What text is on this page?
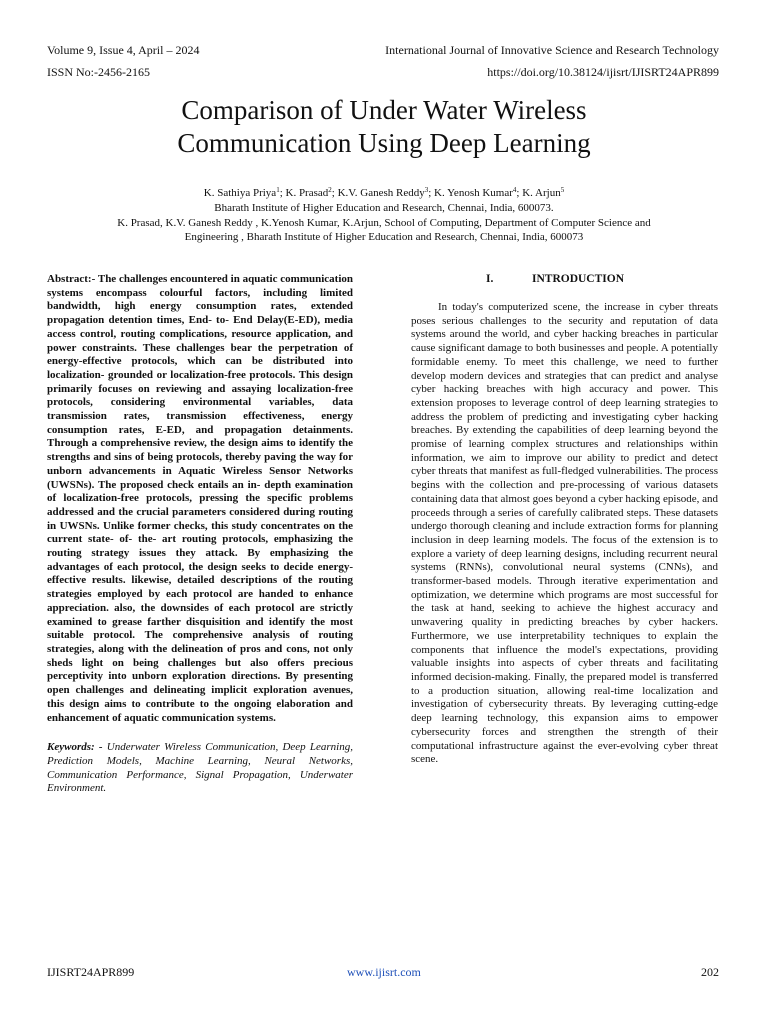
Volume 9, Issue 4, April – 2024	International Journal of Innovative Science and Research Technology
ISSN No:-2456-2165	https://doi.org/10.38124/ijisrt/IJISRT24APR899
Comparison of Under Water Wireless
Communication Using Deep Learning
K. Sathiya Priya$^1$; K. Prasad$^2$; K.V. Ganesh Reddy$^3$; K. Yenosh Kumar$^4$; K. Arjun$^5$
Bharath Institute of Higher Education and Research, Chennai, India, 600073.
K. Prasad, K.V. Ganesh Reddy , K.Yenosh Kumar, K.Arjun, School of Computing, Department of Computer Science and
Engineering , Bharath Institute of Higher Education and Research, Chennai, India, 600073

Abstract:- The challenges encountered in aquatic communication systems encompass colourful factors, including limited bandwidth, high energy consumption rates, extended propagation detention times, End- to- End Delay(E-ED), media access control, routing complications, resource application, and power constraints. These challenges bear the perpetration of energy-effective protocols, which can be distributed into localization- grounded or localization-free protocols. This design primarily focuses on reviewing and assaying localization-free protocols, considering environmental variables, data transmission rates, transmission effectiveness, energy consumption rates, E-ED, and propagation detainments. Through a comprehensive review, the design aims to identify the strengths and sins of being protocols, thereby paving the way for unborn advancements in Aquatic Wireless Sensor Networks (UWSNs). The proposed check entails an in- depth examination of localization-free protocols, pressing the specific problems addressed and the crucial parameters considered during routing in UWSNs. Unlike former checks, this study concentrates on the current state- of- the- art routing protocols, emphasizing the routing strategy issues they attack. By emphasizing the advantages of each protocol, the design seeks to decide energy-effective results. likewise, detailed descriptions of the routing strategies employed by each protocol are handed to enhance appreciation. also, the downsides of each protocol are strictly examined to grease farther disquisition and identify the most suitable protocol. The comprehensive analysis of routing strategies, along with the delineation of pros and cons, not only sheds light on being challenges but also offers precious perceptivity into unborn exploration directions. By presenting open challenges and delineating implicit exploration avenues, this design aims to contribute to the ongoing elaboration and enhancement of aquatic communication systems.

Keywords: - Underwater Wireless Communication, Deep Learning, Prediction Models, Machine Learning, Neural Networks, Communication Performance, Signal Propagation, Underwater Environment.

I.	INTRODUCTION

In today's computerized scene, the increase in cyber threats poses serious challenges to the security and reputation of data systems around the world, and cyber hacking breaches in particular cause significant damage to both businesses and people. A potentially formidable enemy. To meet this challenge, we need to further develop modern devices and strategies that can predict and analyse cyber hacking breaches with high accuracy and power. This extension proposes to leverage control of deep learning strategies to address the problem of predicting and investigating cyber hacking breaches. By extending the capabilities of deep learning beyond the promise of learning complex structures and relationships within information, we aim to improve our ability to predict and detect cyber threats that manifest as full-fledged vulnerabilities. The process begins with the collection and pre-processing of various datasets containing data that almost goes beyond a cyber hacking episode, and proceeds through a series of carefully calibrated steps. These datasets undergo thorough cleaning and include extraction forms for planning inclusion in deep learning models. The focus of the extension is to explore a variety of deep learning designs, including recurrent neural systems (RNNs), convolutional neural systems (CNNs), and transformer-based models. Through iterative experimentation and optimization, we determine which programs are most successful for the task at hand, seeking to achieve the highest accuracy and unwavering quality in predicting breaches by cyber hackers. Furthermore, we use interpretability techniques to explain the components that influence the model's expectations, providing valuable insights into aspects of cyber threats and facilitating informed decision-making. Finally, the prepared model is transferred to a production situation, allowing real-time localization and investigation of cybersecurity threats. By leveraging cutting-edge deep learning technology, this expansion aims to empower cybersecurity forces and strengthen the strength of their computational infrastructure against the ever-evolving cyber threat scene.

IJISRT24APR899	www.ijisrt.com	202
